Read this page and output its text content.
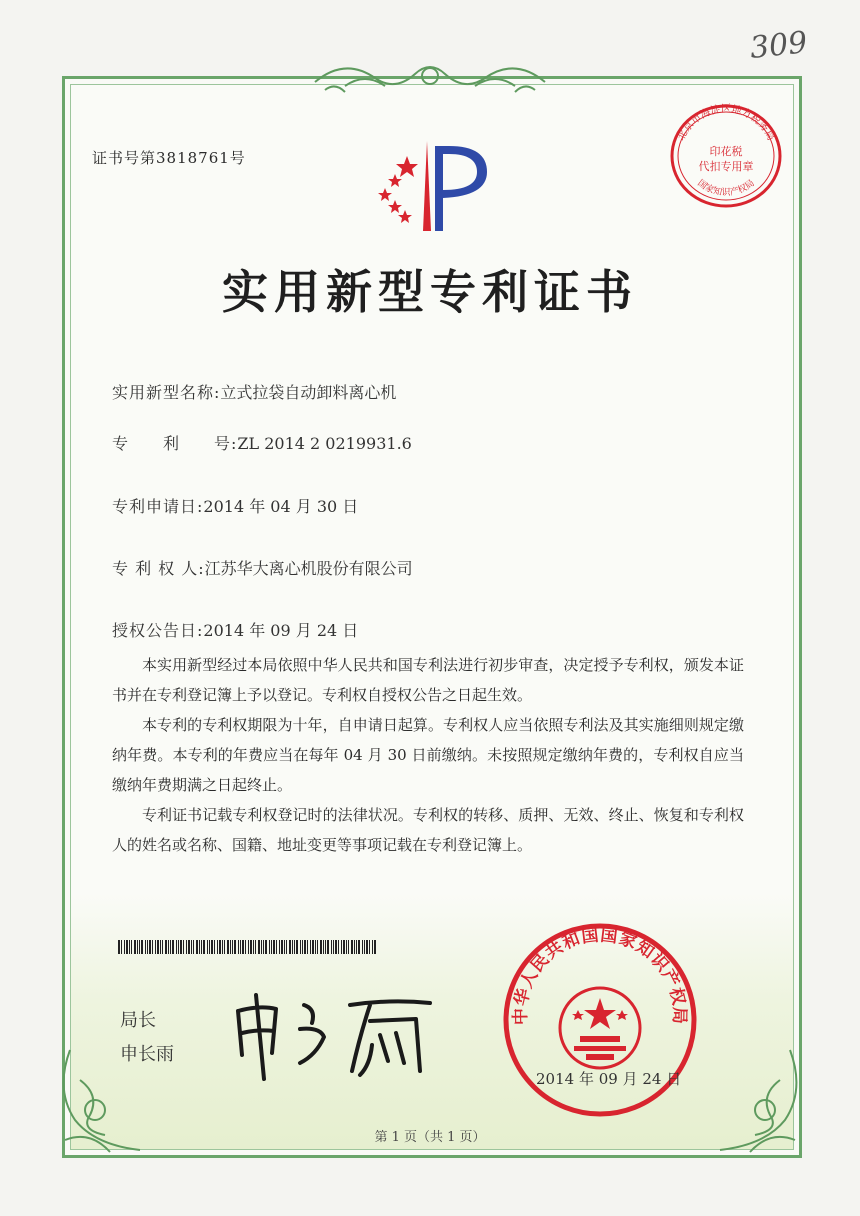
309
证书号第3818761号
北京市海淀区地方税务局
国家知识产权局
印花税
代扣专用章
实用新型专利证书
实用新型名称:立式拉袋自动卸料离心机
专　　利　　号:ZL 2014 2 0219931.6
专利申请日:2014 年 04 月 30 日
专 利 权 人:江苏华大离心机股份有限公司
授权公告日:2014 年 09 月 24 日

本实用新型经过本局依照中华人民共和国专利法进行初步审查，决定授予专利权，颁发本证书并在专利登记簿上予以登记。专利权自授权公告之日起生效。

本专利的专利权期限为十年，自申请日起算。专利权人应当依照专利法及其实施细则规定缴纳年费。本专利的年费应当在每年 04 月 30 日前缴纳。未按照规定缴纳年费的，专利权自应当缴纳年费期满之日起终止。

专利证书记载专利权登记时的法律状况。专利权的转移、质押、无效、终止、恢复和专利权人的姓名或名称、国籍、地址变更等事项记载在专利登记簿上。

局长
申长雨
中华人民共和国国家知识产权局
2014 年 09 月 24 日
第 1 页（共 1 页）
